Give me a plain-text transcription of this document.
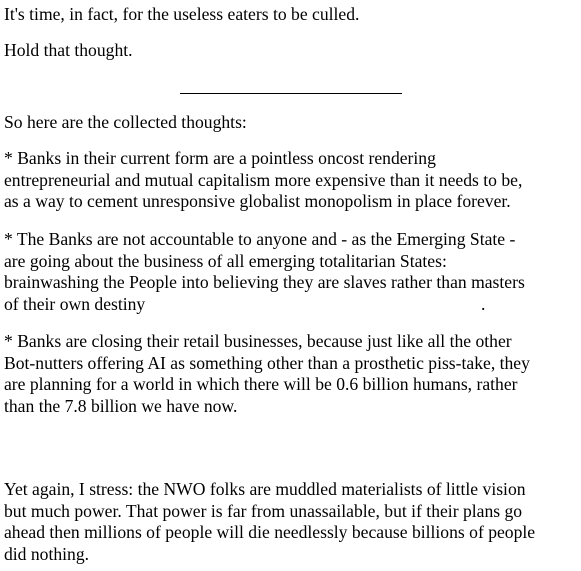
It's time, in fact, for the useless eaters to be culled.

Hold that thought.

So here are the collected thoughts:

* Banks in their current form are a pointless oncost rendering
entrepreneurial and mutual capitalism more expensive than it needs to be,
as a way to cement unresponsive globalist monopolism in place forever.
* The Banks are not accountable to anyone and - as the Emerging State -
are going about the business of all emerging totalitarian States:
brainwashing the People into believing they are slaves rather than masters
of their own destiny	.
* Banks are closing their retail businesses, because just like all the other
Bot-nutters offering AI as something other than a prosthetic piss-take, they
are planning for a world in which there will be 0.6 billion humans, rather
than the 7.8 billion we have now.
Yet again, I stress: the NWO folks are muddled materialists of little vision
but much power. That power is far from unassailable, but if their plans go
ahead then millions of people will die needlessly because billions of people
did nothing.
